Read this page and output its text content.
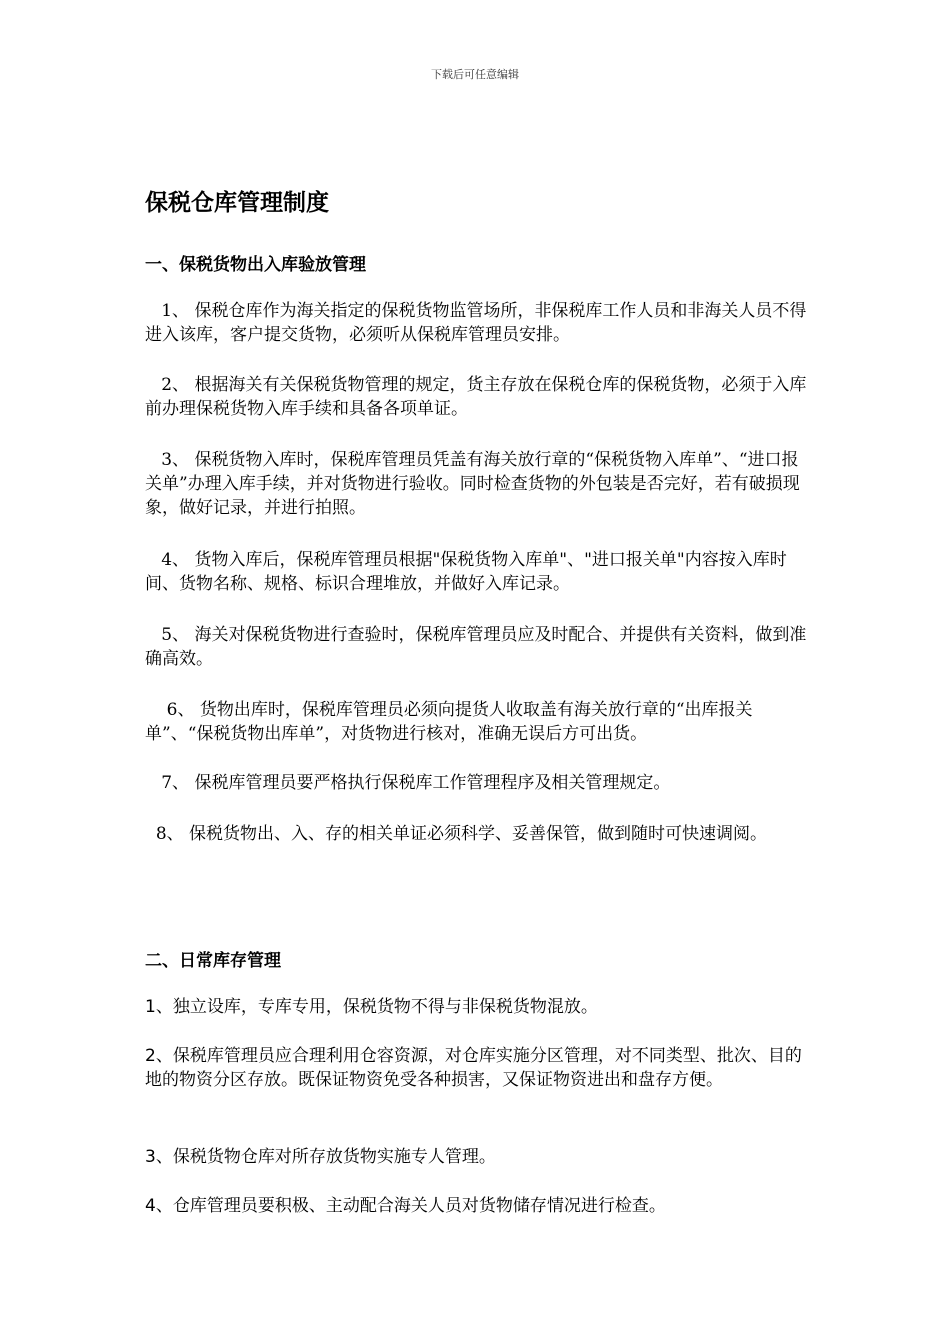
下载后可任意编辑
保税仓库管理制度
一、保税货物出入库验放管理

1、 保税仓库作为海关指定的保税货物监管场所，非保税库工作人员和非海关人员不得进入该库，客户提交货物，必须听从保税库管理员安排。

2、 根据海关有关保税货物管理的规定，货主存放在保税仓库的保税货物，必须于入库前办理保税货物入库手续和具备各项单证。

3、 保税货物入库时，保税库管理员凭盖有海关放行章的“保税货物入库单”、“进口报关单”办理入库手续，并对货物进行验收。同时检查货物的外包装是否完好，若有破损现象，做好记录，并进行拍照。

4、 货物入库后，保税库管理员根据"保税货物入库单"、"进口报关单"内容按入库时间、货物名称、规格、标识合理堆放，并做好入库记录。

5、 海关对保税货物进行查验时，保税库管理员应及时配合、并提供有关资料，做到准确高效。

6、 货物出库时，保税库管理员必须向提货人收取盖有海关放行章的“出库报关单”、“保税货物出库单”，对货物进行核对，准确无误后方可出货。

7、 保税库管理员要严格执行保税库工作管理程序及相关管理规定。

8、 保税货物出、入、存的相关单证必须科学、妥善保管，做到随时可快速调阅。

二、日常库存管理

1、独立设库，专库专用，保税货物不得与非保税货物混放。

2、保税库管理员应合理利用仓容资源，对仓库实施分区管理，对不同类型、批次、目的地的物资分区存放。既保证物资免受各种损害，又保证物资进出和盘存方便。

3、保税货物仓库对所存放货物实施专人管理。

4、仓库管理员要积极、主动配合海关人员对货物储存情况进行检查。
